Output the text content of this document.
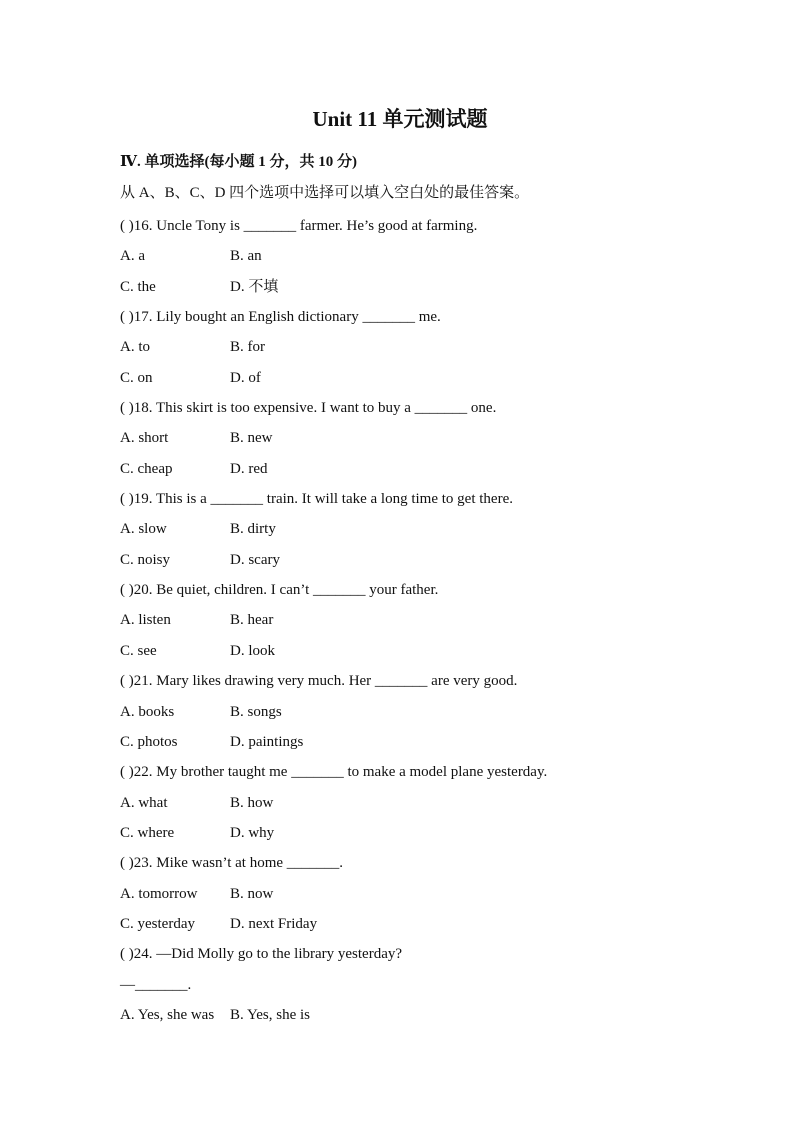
Unit 11 单元测试题
Ⅳ. 单项选择(每小题 1 分，共 10 分)
从 A、B、C、D 四个选项中选择可以填入空白处的最佳答案。
( )16. Uncle Tony is _______ farmer. He’s good at farming.
A. a	B. an
C. the	D. 不填
( )17. Lily bought an English dictionary _______ me.
A. to	B. for
C. on	D. of
( )18. This skirt is too expensive. I want to buy a _______ one.
A. short	B. new
C. cheap	D. red
( )19. This is a _______ train. It will take a long time to get there.
A. slow	B. dirty
C. noisy	D. scary
( )20. Be quiet, children. I can’t _______ your father.
A. listen	B. hear
C. see	D. look
( )21. Mary likes drawing very much. Her _______ are very good.
A. books	B. songs
C. photos	D. paintings
( )22. My brother taught me _______ to make a model plane yesterday.
A. what	B. how
C. where	D. why
( )23. Mike wasn’t at home _______.
A. tomorrow B. now
C. yesterday D. next Friday
( )24. —Did Molly go to the library yesterday?
—_______.
A. Yes, she was B. Yes, she is
